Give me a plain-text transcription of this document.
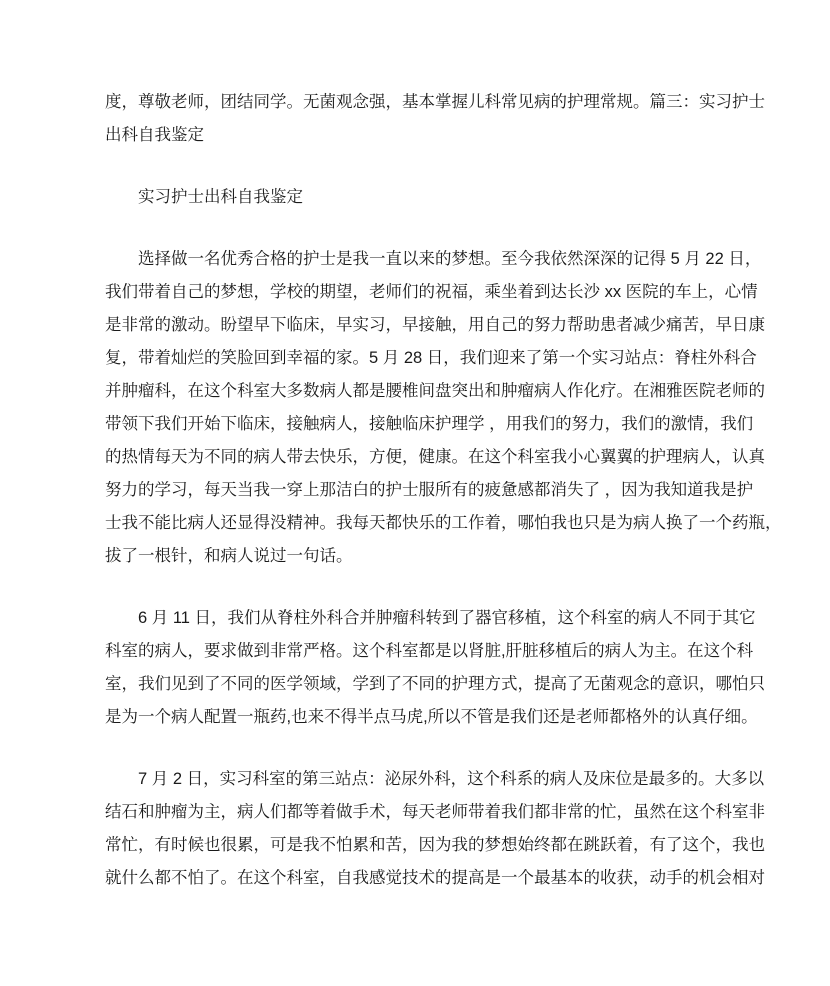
度，尊敬老师，团结同学。无菌观念强，基本掌握儿科常见病的护理常规。篇三：实习护士
出科自我鉴定
实习护士出科自我鉴定
选择做一名优秀合格的护士是我一直以来的梦想。至今我依然深深的记得 5 月 22 日，
我们带着自己的梦想，学校的期望，老师们的祝福，乘坐着到达长沙 xx 医院的车上，心情
是非常的激动。盼望早下临床，早实习，早接触，用自己的努力帮助患者减少痛苦，早日康
复，带着灿烂的笑脸回到幸福的家。5 月 28 日，我们迎来了第一个实习站点：脊柱外科合
并肿瘤科，在这个科室大多数病人都是腰椎间盘突出和肿瘤病人作化疗。在湘雅医院老师的
带领下我们开始下临床，接触病人，接触临床护理学 ，用我们的努力，我们的激情，我们
的热情每天为不同的病人带去快乐，方便，健康。在这个科室我小心翼翼的护理病人，认真
努力的学习，每天当我一穿上那洁白的护士服所有的疲惫感都消失了 ，因为我知道我是护
士我不能比病人还显得没精神。我每天都快乐的工作着，哪怕我也只是为病人换了一个药瓶，
拔了一根针，和病人说过一句话。
6 月 11 日，我们从脊柱外科合并肿瘤科转到了器官移植，这个科室的病人不同于其它
科室的病人，要求做到非常严格。这个科室都是以肾脏,肝脏移植后的病人为主。在这个科
室，我们见到了不同的医学领域，学到了不同的护理方式，提高了无菌观念的意识，哪怕只
是为一个病人配置一瓶药,也来不得半点马虎,所以不管是我们还是老师都格外的认真仔细。
7 月 2 日，实习科室的第三站点：泌尿外科，这个科系的病人及床位是最多的。大多以
结石和肿瘤为主，病人们都等着做手术，每天老师带着我们都非常的忙，虽然在这个科室非
常忙，有时候也很累，可是我不怕累和苦，因为我的梦想始终都在跳跃着，有了这个，我也
就什么都不怕了。在这个科室，自我感觉技术的提高是一个最基本的收获，动手的机会相对
